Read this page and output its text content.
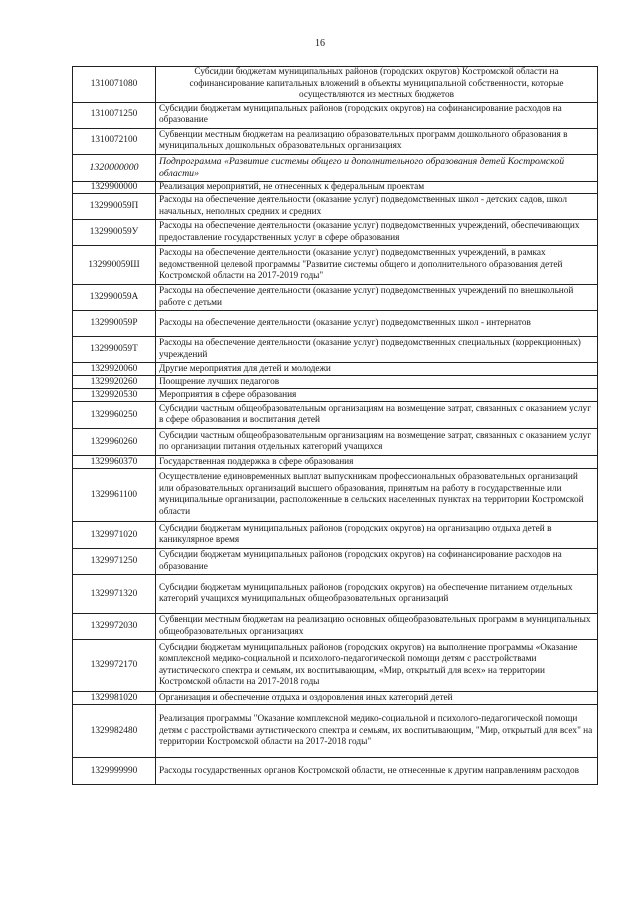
16
1310071080	Субсидии бюджетам муниципальных районов (городских округов) Костромской области на софинансирование капитальных вложений в объекты муниципальной собственности, которые осуществляются из местных бюджетов
1310071250	Субсидии бюджетам муниципальных районов (городских округов) на софинансирование расходов на образование
1310072100	Субвенции местным бюджетам на реализацию образовательных программ дошкольного образования в муниципальных дошкольных образовательных организациях
1320000000	Подпрограмма «Развитие системы общего и дополнительного образования детей Костромской области»
1329900000	Реализация мероприятий, не отнесенных к федеральным проектам
132990059П	Расходы на обеспечение деятельности (оказание услуг) подведомственных школ - детских садов, школ начальных, неполных средних и средних
132990059У	Расходы на обеспечение деятельности (оказание услуг) подведомственных учреждений, обеспечивающих предоставление государственных услуг в сфере образования
132990059Ш	Расходы на обеспечение деятельности (оказание услуг) подведомственных учреждений, в рамках ведомственной целевой программы "Развитие системы общего и дополнительного образования детей Костромской области на 2017-2019 годы"
132990059А	Расходы на обеспечение деятельности (оказание услуг) подведомственных учреждений по внешкольной работе с детьми
132990059Р	Расходы на обеспечение деятельности (оказание услуг) подведомственных школ - интернатов
132990059Т	Расходы на обеспечение деятельности (оказание услуг) подведомственных специальных (коррекционных) учреждений
1329920060	Другие мероприятия для детей и молодежи
1329920260	Поощрение лучших педагогов
1329920530	Мероприятия в сфере образования
1329960250	Субсидии частным общеобразовательным организациям на возмещение затрат, связанных с оказанием услуг в сфере образования и воспитания детей
1329960260	Субсидии частным общеобразовательным организациям на возмещение затрат, связанных с оказанием услуг по организации питания отдельных категорий учащихся
1329960370	Государственная поддержка в сфере образования
1329961100	Осуществление единовременных выплат выпускникам профессиональных образовательных организаций или образовательных организаций высшего образования, принятым на работу в государственные или муниципальные организации, расположенные в сельских населенных пунктах на территории Костромской области
1329971020	Субсидии бюджетам муниципальных районов (городских округов) на организацию отдыха детей в каникулярное время
1329971250	Субсидии бюджетам муниципальных районов (городских округов) на софинансирование расходов на образование
1329971320	Субсидии бюджетам муниципальных районов (городских округов) на обеспечение питанием отдельных категорий учащихся муниципальных общеобразовательных организаций
1329972030	Субвенции местным бюджетам на реализацию основных общеобразовательных программ в муниципальных общеобразовательных организациях
1329972170	Субсидии бюджетам муниципальных районов (городских округов) на выполнение программы «Оказание комплексной медико-социальной и психолого-педагогической помощи детям с расстройствами аутистического спектра и семьям, их воспитывающим, «Мир, открытый для всех» на территории Костромской области на 2017-2018 годы
1329981020	Организация и обеспечение отдыха и оздоровления иных категорий детей
1329982480	Реализация программы "Оказание комплексной медико-социальной и психолого-педагогической помощи детям с расстройствами аутистического спектра и семьям, их воспитывающим, "Мир, открытый для всех" на территории Костромской области на 2017-2018 годы"
1329999990	Расходы государственных органов Костромской области, не отнесенные к другим направлениям расходов
